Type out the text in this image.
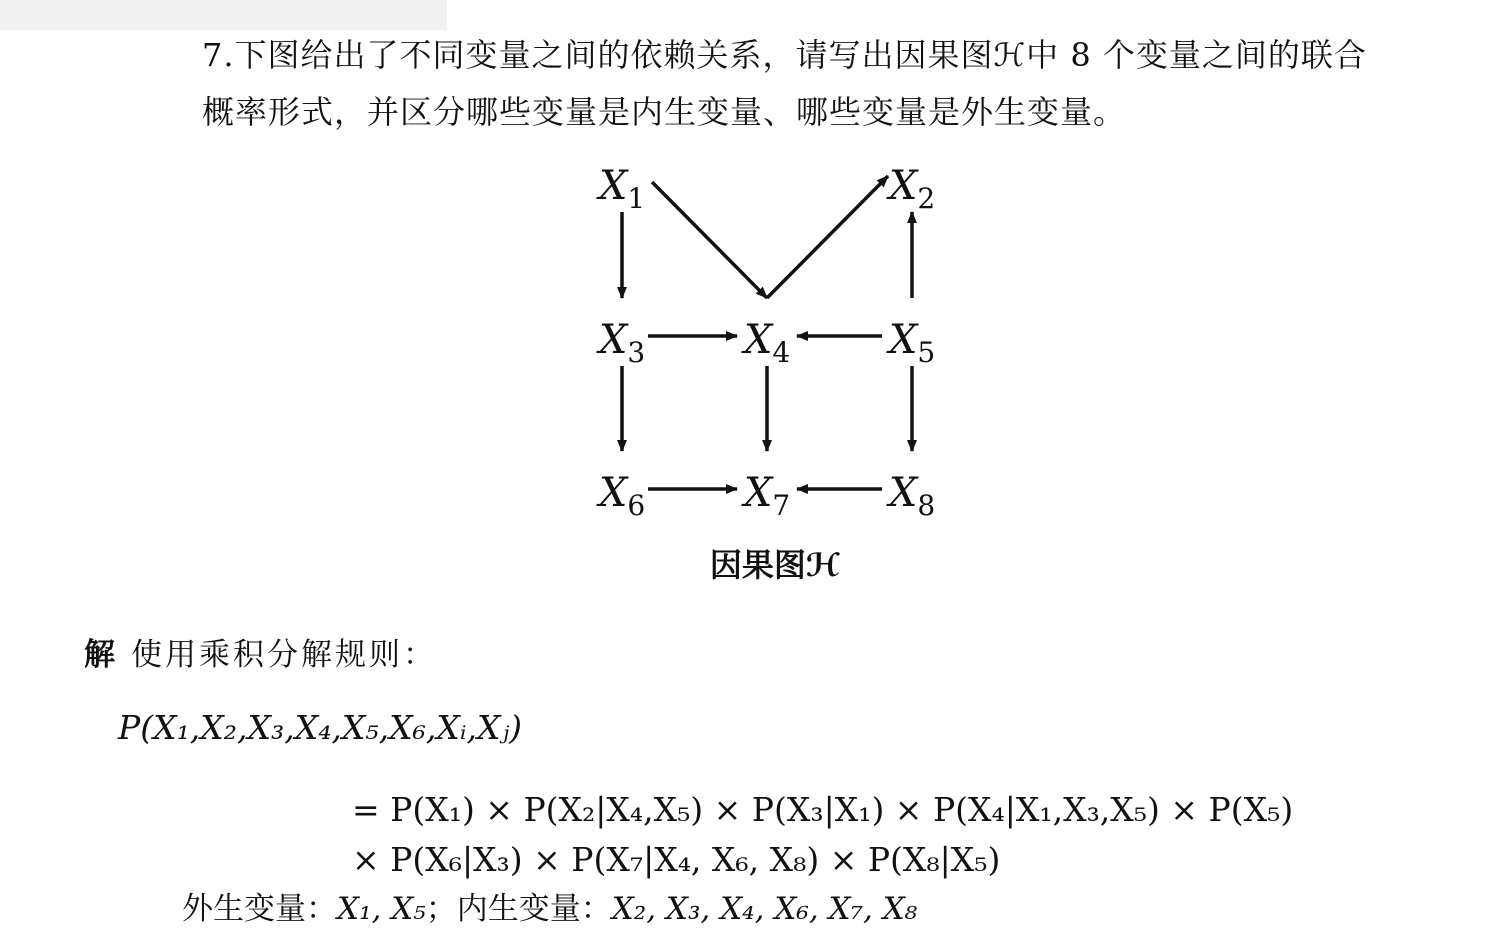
7.下图给出了不同变量之间的依赖关系，请写出因果图ℋ中 8 个变量之间的联合
概率形式，并区分哪些变量是内生变量、哪些变量是外生变量。
$X_1$	$X_2$
$X_3$ $X_4$ $X_5$
$X_6$ $X_7$ $X_8$
因果图ℋ
解 使用乘积分解规则：
P(X₁,X₂,X₃,X₄,X₅,X₆,Xᵢ,Xⱼ)
= P(X₁) × P(X₂|X₄,X₅) × P(X₃|X₁) × P(X₄|X₁,X₃,X₅) × P(X₅)
× P(X₆|X₃) × P(X₇|X₄, X₆, X₈) × P(X₈|X₅)
外生变量：X₁, X₅；内生变量：X₂, X₃, X₄, X₆, X₇, X₈
